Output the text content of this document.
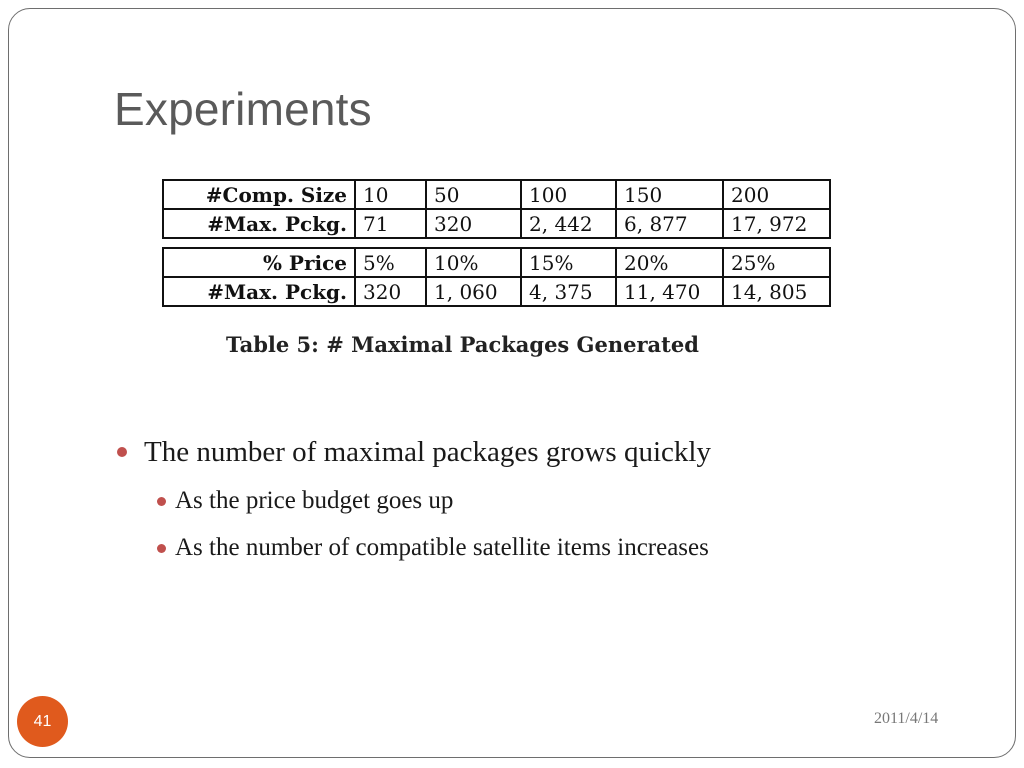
Experiments
#Comp. Size	10	50	100	150	200
#Max. Pckg.	71	320	2, 442	6, 877	17, 972
% Price	5%	10%	15%	20%	25%
#Max. Pckg.	320	1, 060	4, 375	11, 470	14, 805
Table 5: # Maximal Packages Generated
The number of maximal packages grows quickly
As the price budget goes up
As the number of compatible satellite items increases
41	2011/4/14
